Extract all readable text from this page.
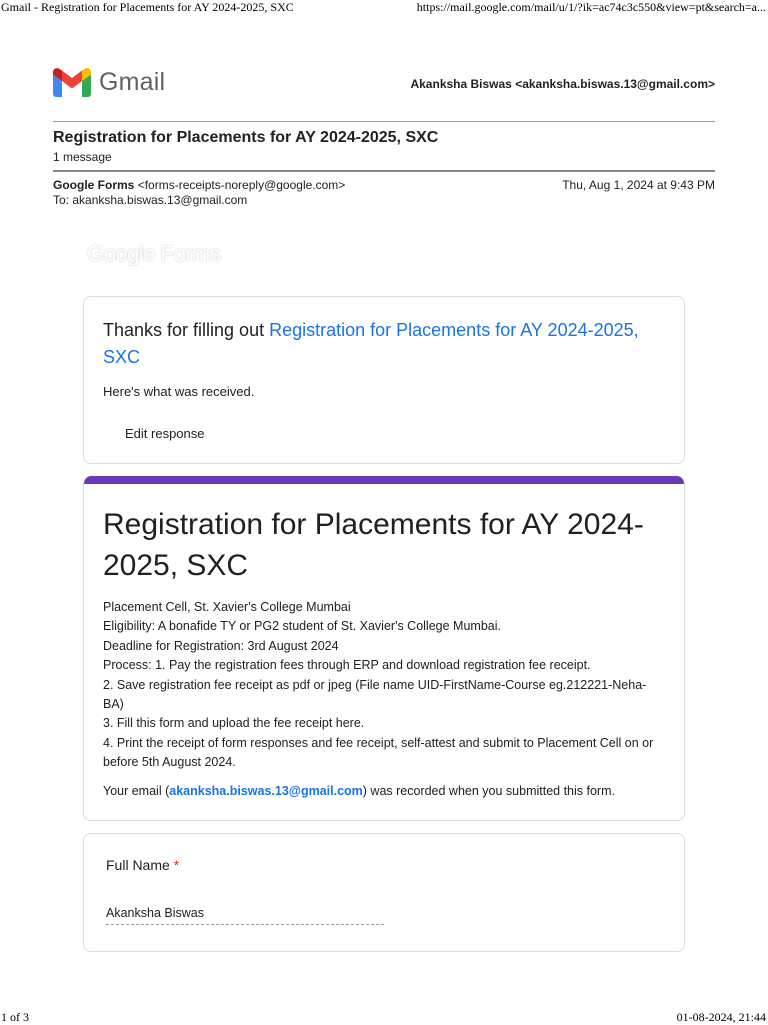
Gmail - Registration for Placements for AY 2024-2025, SXC	https://mail.google.com/mail/u/1/?ik=ac74c3c550&view=pt&search=a...
Gmail	Akanksha Biswas <akanksha.biswas.13@gmail.com>
Registration for Placements for AY 2024-2025, SXC
1 message
Google Forms <forms-receipts-noreply@google.com>	Thu, Aug 1, 2024 at 9:43 PM
To: akanksha.biswas.13@gmail.com
Google Forms
Thanks for filling out Registration for Placements for AY 2024-2025, SXC
Here's what was received.
Edit response
Registration for Placements for AY 2024-2025, SXC
Placement Cell, St. Xavier's College Mumbai
Eligibility: A bonafide TY or PG2 student of St. Xavier's College Mumbai.
Deadline for Registration: 3rd August 2024
Process: 1. Pay the registration fees through ERP and download registration fee receipt.
2. Save registration fee receipt as pdf or jpeg (File name UID-FirstName-Course eg.212221-Neha-BA)
3. Fill this form and upload the fee receipt here.
4. Print the receipt of form responses and fee receipt, self-attest and submit to Placement Cell on or before 5th August 2024.
Your email (akanksha.biswas.13@gmail.com) was recorded when you submitted this form.
Full Name *
Akanksha Biswas
1 of 3	01-08-2024, 21:44
